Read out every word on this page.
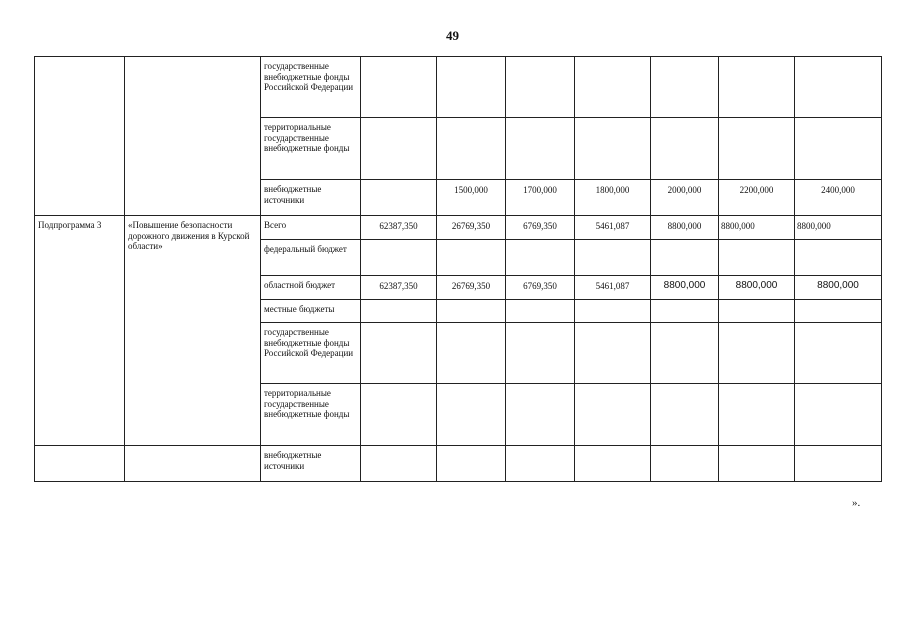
49
		государственные внебюджетные фонды Российской Федерации							
		территориальные государственные внебюджетные фонды							
		внебюджетные источники		1500,000	1700,000	1800,000	2000,000	2200,000	2400,000
Подпрограмма 3	«Повышение безопасности дорожного движения в Курской области»	Всего	62387,350	26769,350	6769,350	5461,087	8800,000	8800,000	8800,000
		федеральный бюджет							
		областной бюджет	62387,350	26769,350	6769,350	5461,087	8800,000	8800,000	8800,000
		местные бюджеты							
		государственные внебюджетные фонды Российской Федерации							
		территориальные государственные внебюджетные фонды							
		внебюджетные источники							
».
